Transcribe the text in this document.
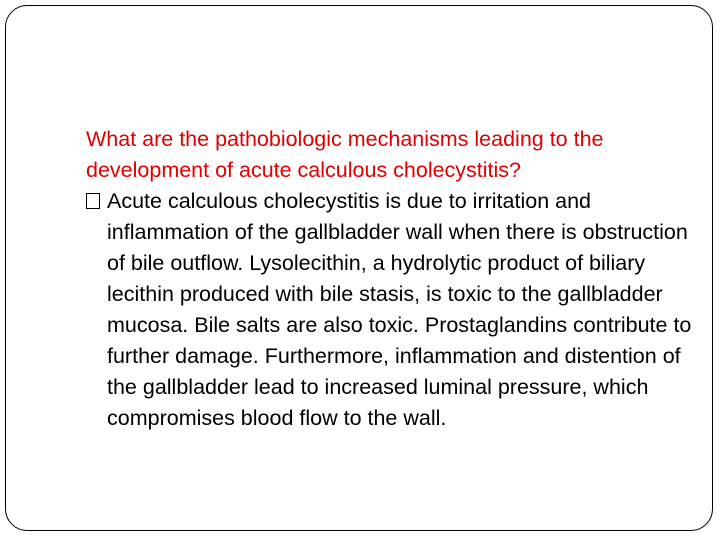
What are the pathobiologic mechanisms leading to the development of acute calculous cholecystitis?
Acute calculous cholecystitis is due to irritation and inflammation of the gallbladder wall when there is obstruction of bile outflow. Lysolecithin, a hydrolytic product of biliary lecithin produced with bile stasis, is toxic to the gallbladder mucosa. Bile salts are also toxic. Prostaglandins contribute to further damage. Furthermore, inflammation and distention of the gallbladder lead to increased luminal pressure, which compromises blood flow to the wall.
